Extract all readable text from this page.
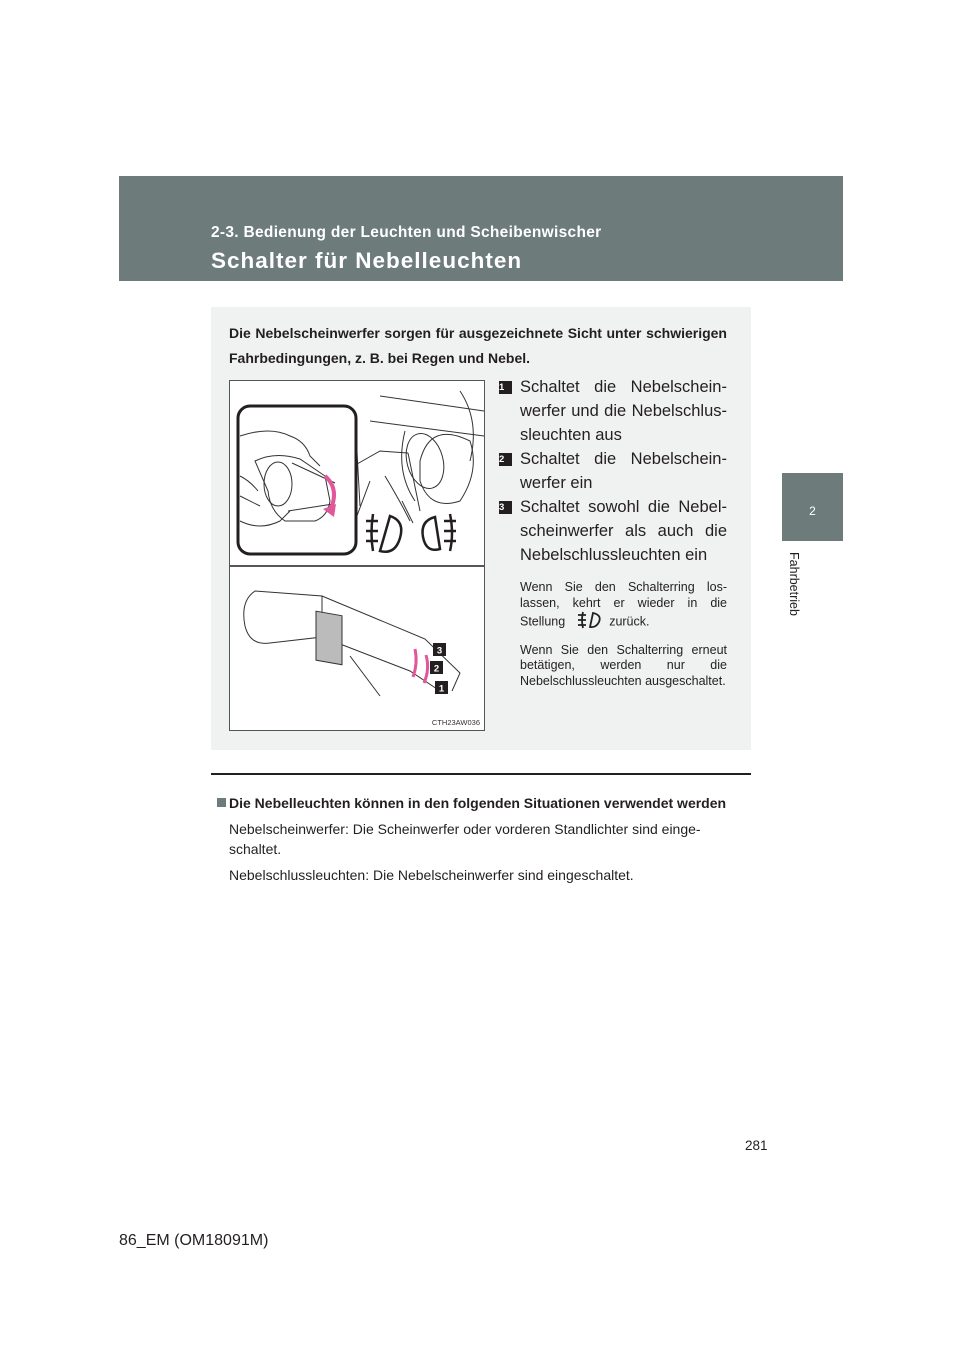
2-3. Bedienung der Leuchten und Scheibenwischer
Schalter für Nebelleuchten
2
Fahrbetrieb
Die Nebelscheinwerfer sorgen für ausgezeichnete Sicht unter schwierigen Fahrbedingungen, z. B. bei Regen und Nebel.
3
2
1
CTH23AW036
1 Schaltet die Nebelscheinwerfer und die Nebelschlussleuchten aus
2 Schaltet die Nebelscheinwerfer ein
3 Schaltet sowohl die Nebelscheinwerfer als auch die Nebelschlussleuchten ein
Wenn Sie den Schalterring loslassen, kehrt er wieder in die Stellung	zurück.
Wenn Sie den Schalterring erneut betätigen, werden nur die Nebelschlussleuchten ausgeschaltet.
Die Nebelleuchten können in den folgenden Situationen verwendet werden
Nebelscheinwerfer: Die Scheinwerfer oder vorderen Standlichter sind eingeschaltet.
Nebelschlussleuchten: Die Nebelscheinwerfer sind eingeschaltet.
281
86_EM (OM18091M)
